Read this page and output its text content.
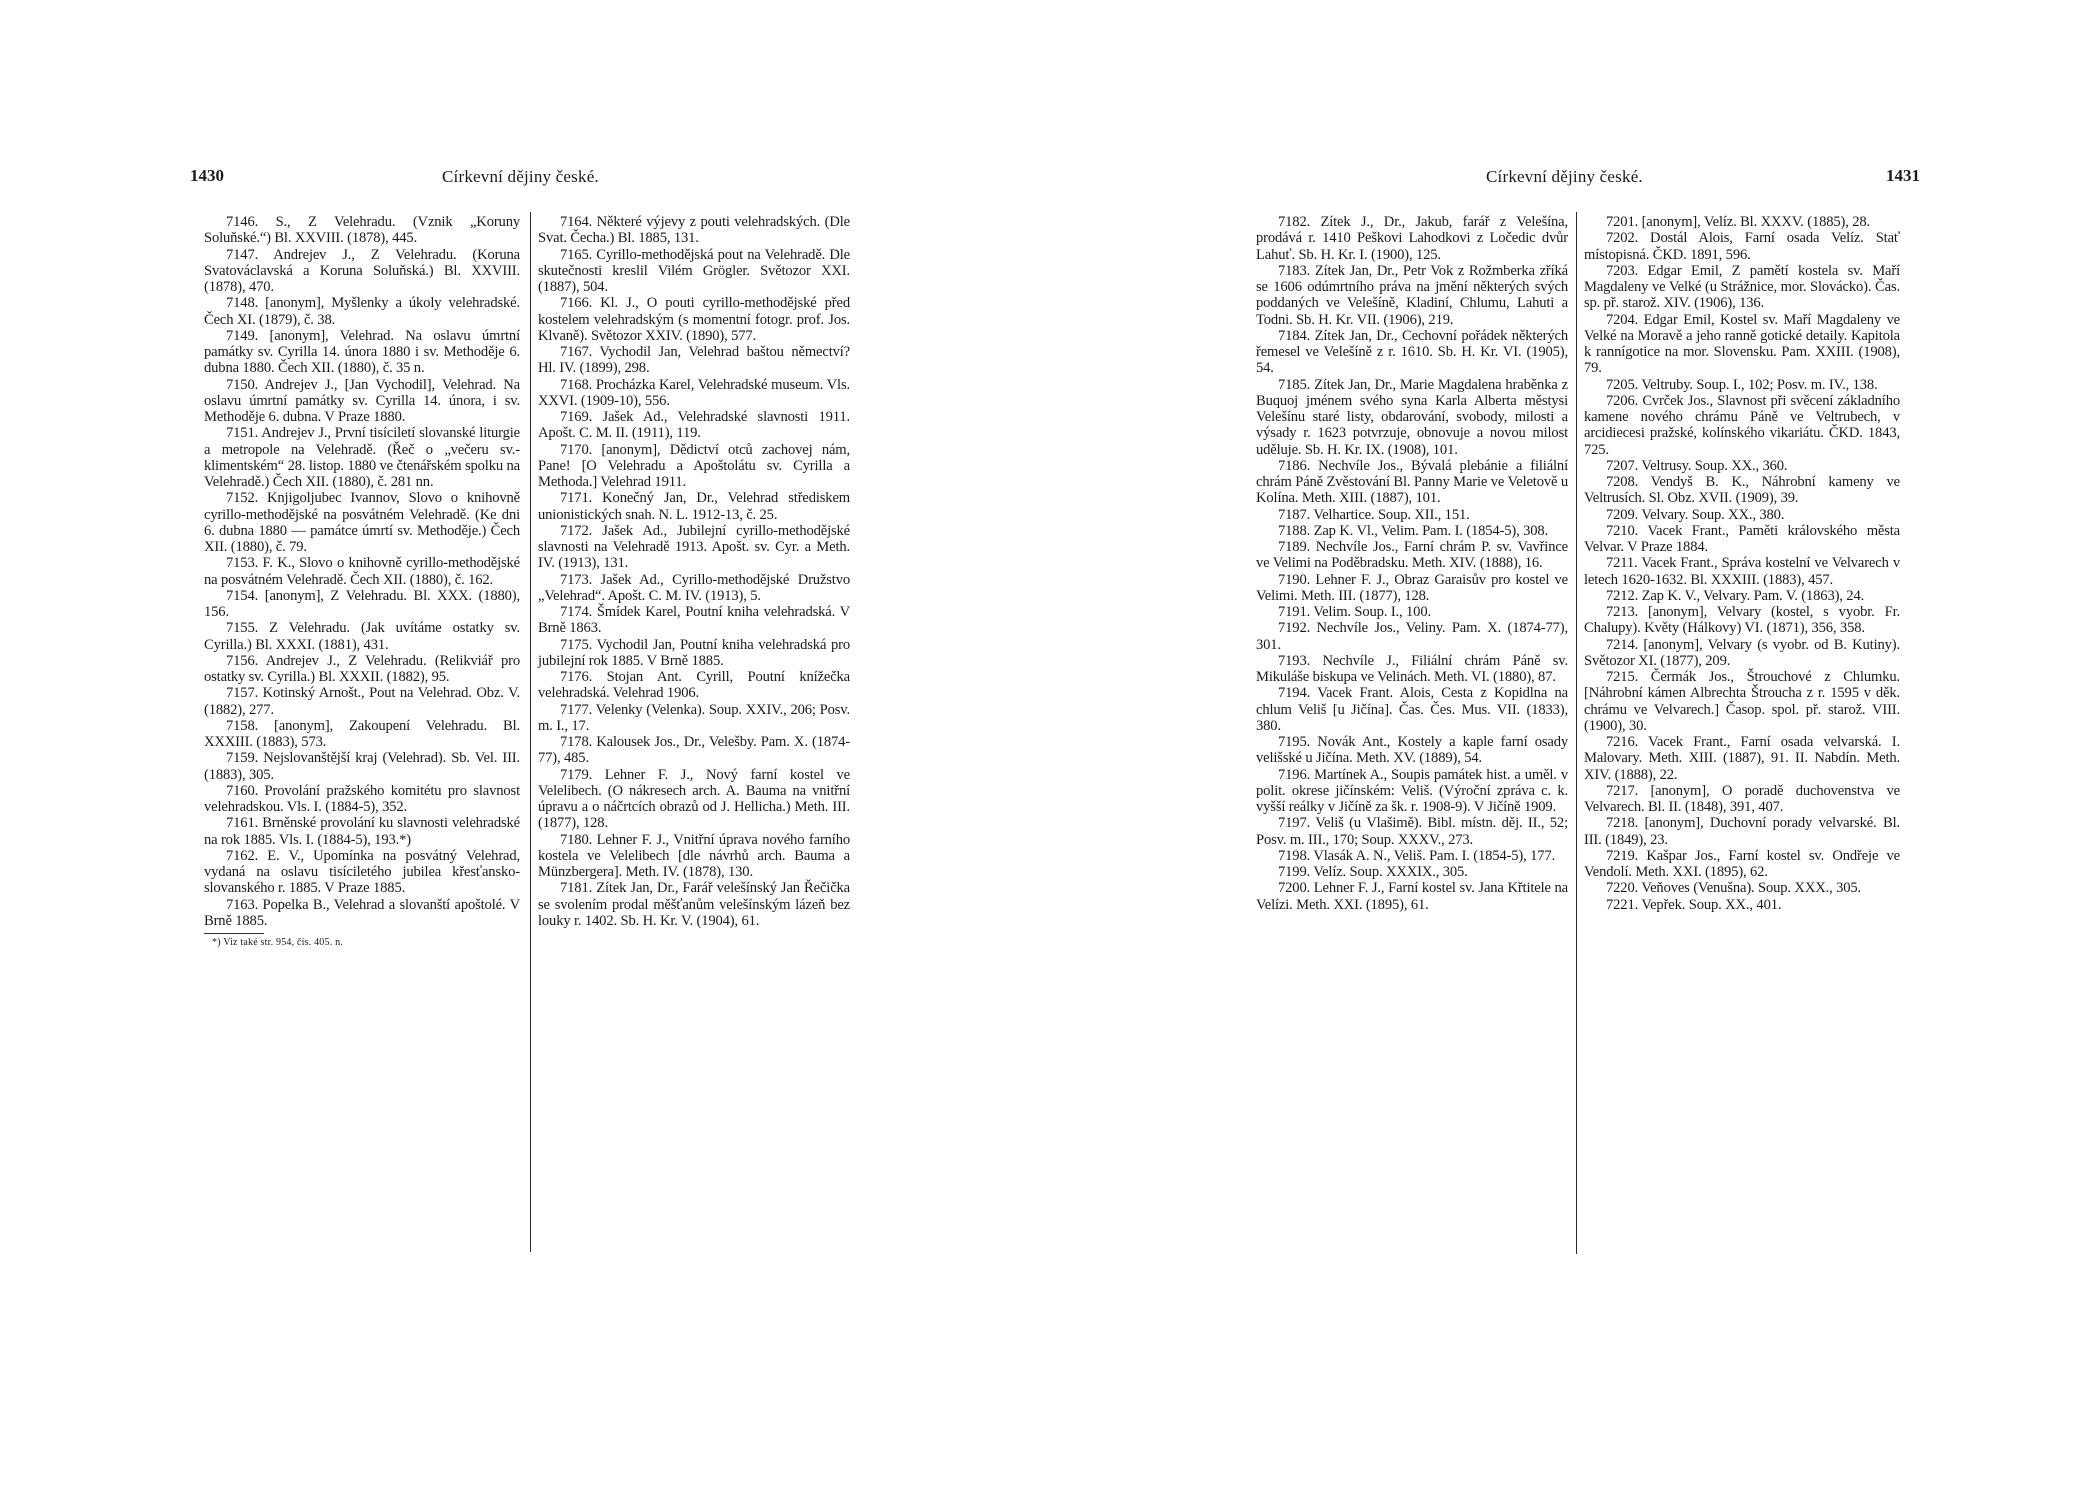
1430	Církevní dějiny české.

7146. S., Z Velehradu. (Vznik „Koruny Soluňské.“) Bl. XXVIII. (1878), 445.

7147. Andrejev J., Z Velehradu. (Koruna Svatováclavská a Koruna Soluňská.) Bl. XXVIII. (1878), 470.

7148. [anonym], Myšlenky a úkoly velehradské. Čech XI. (1879), č. 38.

7149. [anonym], Velehrad. Na oslavu úmrtní památky sv. Cyrilla 14. února 1880 i sv. Methoděje 6. dubna 1880. Čech XII. (1880), č. 35 n.

7150. Andrejev J., [Jan Vychodil], Velehrad. Na oslavu úmrtní památky sv. Cyrilla 14. února, i sv. Methoděje 6. dubna. V Praze 1880.

7151. Andrejev J., První tisíciletí slovanské liturgie a metropole na Velehradě. (Řeč o „večeru sv.-klimentském“ 28. listop. 1880 ve čtenářském spolku na Velehradě.) Čech XII. (1880), č. 281 nn.

7152. Knjigoljubec Ivannov, Slovo o knihovně cyrillo-methodějské na posvátném Velehradě. (Ke dni 6. dubna 1880 — památce úmrtí sv. Methoděje.) Čech XII. (1880), č. 79.

7153. F. K., Slovo o knihovně cyrillo-methodějské na posvátném Velehradě. Čech XII. (1880), č. 162.

7154. [anonym], Z Velehradu. Bl. XXX. (1880), 156.

7155. Z Velehradu. (Jak uvítáme ostatky sv. Cyrilla.) Bl. XXXI. (1881), 431.

7156. Andrejev J., Z Velehradu. (Relikviář pro ostatky sv. Cyrilla.) Bl. XXXII. (1882), 95.

7157. Kotinský Arnošt., Pout na Velehrad. Obz. V. (1882), 277.

7158. [anonym], Zakoupení Velehradu. Bl. XXXIII. (1883), 573.

7159. Nejslovanštější kraj (Velehrad). Sb. Vel. III. (1883), 305.

7160. Provolání pražského komitétu pro slavnost velehradskou. Vls. I. (1884-5), 352.

7161. Brněnské provolání ku slavnosti velehradské na rok 1885. Vls. I. (1884-5), 193.*)

7162. E. V., Upomínka na posvátný Velehrad, vydaná na oslavu tisíciletého jubilea křesťansko-slovanského r. 1885. V Praze 1885.

7163. Popelka B., Velehrad a slovanští apoštolé. V Brně 1885.

*) Viz také str. 954, čís. 405. n.

7164. Některé výjevy z pouti velehradských. (Dle Svat. Čecha.) Bl. 1885, 131.

7165. Cyrillo-methodějská pout na Velehradě. Dle skutečnosti kreslil Vilém Grögler. Světozor XXI. (1887), 504.

7166. Kl. J., O pouti cyrillo-methodějské před kostelem velehradským (s momentní fotogr. prof. Jos. Klvaně). Světozor XXIV. (1890), 577.

7167. Vychodil Jan, Velehrad baštou němectví? Hl. IV. (1899), 298.

7168. Procházka Karel, Velehradské museum. Vls. XXVI. (1909-10), 556.

7169. Jašek Ad., Velehradské slavnosti 1911. Apošt. C. M. II. (1911), 119.

7170. [anonym], Dědictví otců zachovej nám, Pane! [O Velehradu a Apoštolátu sv. Cyrilla a Methoda.] Velehrad 1911.

7171. Konečný Jan, Dr., Velehrad střediskem unionistických snah. N. L. 1912-13, č. 25.

7172. Jašek Ad., Jubilejní cyrillo-methodějské slavnosti na Velehradě 1913. Apošt. sv. Cyr. a Meth. IV. (1913), 131.

7173. Jašek Ad., Cyrillo-methodějské Družstvo „Velehrad“. Apošt. C. M. IV. (1913), 5.

7174. Šmídek Karel, Poutní kniha velehradská. V Brně 1863.

7175. Vychodil Jan, Poutní kniha velehradská pro jubilejní rok 1885. V Brně 1885.

7176. Stojan Ant. Cyrill, Poutní knížečka velehradská. Velehrad 1906.

7177. Velenky (Velenka). Soup. XXIV., 206; Posv. m. I., 17.

7178. Kalousek Jos., Dr., Velešby. Pam. X. (1874-77), 485.

7179. Lehner F. J., Nový farní kostel ve Velelibech. (O nákresech arch. A. Bauma na vnitřní úpravu a o náčrtcích obrazů od J. Hellicha.) Meth. III. (1877), 128.

7180. Lehner F. J., Vnitřní úprava nového farního kostela ve Velelibech [dle návrhů arch. Bauma a Münzbergera]. Meth. IV. (1878), 130.

7181. Zítek Jan, Dr., Farář velešínský Jan Řečička se svolením prodal měšťanům velešínským lázeň bez louky r. 1402. Sb. H. Kr. V. (1904), 61.

Církevní dějiny české.	1431

7182. Zítek J., Dr., Jakub, farář z Velešína, prodává r. 1410 Peškovi Lahodkovi z Ločedic dvůr Lahuť. Sb. H. Kr. I. (1900), 125.

7183. Zítek Jan, Dr., Petr Vok z Rožmberka zříká se 1606 odúmrtního práva na jmění některých svých poddaných ve Velešíně, Kladiní, Chlumu, Lahuti a Todni. Sb. H. Kr. VII. (1906), 219.

7184. Zítek Jan, Dr., Cechovní pořádek některých řemesel ve Velešíně z r. 1610. Sb. H. Kr. VI. (1905), 54.

7185. Zítek Jan, Dr., Marie Magdalena hraběnka z Buquoj jménem svého syna Karla Alberta městysi Velešínu staré listy, obdarování, svobody, milosti a výsady r. 1623 potvrzuje, obnovuje a novou milost uděluje. Sb. H. Kr. IX. (1908), 101.

7186. Nechvíle Jos., Bývalá plebánie a filiální chrám Páně Zvěstování Bl. Panny Marie ve Veletově u Kolína. Meth. XIII. (1887), 101.

7187. Velhartice. Soup. XII., 151.

7188. Zap K. Vl., Velim. Pam. I. (1854-5), 308.

7189. Nechvíle Jos., Farní chrám P. sv. Vavřince ve Velimi na Poděbradsku. Meth. XIV. (1888), 16.

7190. Lehner F. J., Obraz Garaisův pro kostel ve Velimi. Meth. III. (1877), 128.

7191. Velim. Soup. I., 100.

7192. Nechvíle Jos., Veliny. Pam. X. (1874-77), 301.

7193. Nechvíle J., Filiální chrám Páně sv. Mikuláše biskupa ve Velinách. Meth. VI. (1880), 87.

7194. Vacek Frant. Alois, Cesta z Kopidlna na chlum Veliš [u Jičína]. Čas. Čes. Mus. VII. (1833), 380.

7195. Novák Ant., Kostely a kaple farní osady velišské u Jičína. Meth. XV. (1889), 54.

7196. Martínek A., Soupis památek hist. a uměl. v polit. okrese jičínském: Veliš. (Výroční zpráva c. k. vyšší reálky v Jičíně za šk. r. 1908-9). V Jičíně 1909.

7197. Veliš (u Vlašimě). Bibl. místn. děj. II., 52; Posv. m. III., 170; Soup. XXXV., 273.

7198. Vlasák A. N., Veliš. Pam. I. (1854-5), 177.

7199. Velíz. Soup. XXXIX., 305.

7200. Lehner F. J., Farní kostel sv. Jana Křtitele na Velízi. Meth. XXI. (1895), 61.

7201. [anonym], Velíz. Bl. XXXV. (1885), 28.

7202. Dostál Alois, Farní osada Velíz. Stať místopisná. ČKD. 1891, 596.

7203. Edgar Emil, Z pamětí kostela sv. Maří Magdaleny ve Velké (u Strážnice, mor. Slovácko). Čas. sp. př. starož. XIV. (1906), 136.

7204. Edgar Emil, Kostel sv. Maří Magdaleny ve Velké na Moravě a jeho ranně gotické detaily. Kapitola k rannígotice na mor. Slovensku. Pam. XXIII. (1908), 79.

7205. Veltruby. Soup. I., 102; Posv. m. IV., 138.

7206. Cvrček Jos., Slavnost při svěcení základního kamene nového chrámu Páně ve Veltrubech, v arcidiecesi pražské, kolínského vikariátu. ČKD. 1843, 725.

7207. Veltrusy. Soup. XX., 360.

7208. Vendyš B. K., Náhrobní kameny ve Veltrusích. Sl. Obz. XVII. (1909), 39.

7209. Velvary. Soup. XX., 380.

7210. Vacek Frant., Paměti královského města Velvar. V Praze 1884.

7211. Vacek Frant., Správa kostelní ve Velvarech v letech 1620-1632. Bl. XXXIII. (1883), 457.

7212. Zap K. V., Velvary. Pam. V. (1863), 24.

7213. [anonym], Velvary (kostel, s vyobr. Fr. Chalupy). Květy (Hálkovy) VI. (1871), 356, 358.

7214. [anonym], Velvary (s vyobr. od B. Kutiny). Světozor XI. (1877), 209.

7215. Čermák Jos., Štrouchové z Chlumku. [Náhrobní kámen Albrechta Štroucha z r. 1595 v děk. chrámu ve Velvarech.] Časop. spol. př. starož. VIII. (1900), 30.

7216. Vacek Frant., Farní osada velvarská. I. Malovary. Meth. XIII. (1887), 91. II. Nabdín. Meth. XIV. (1888), 22.

7217. [anonym], O poradě duchovenstva ve Velvarech. Bl. II. (1848), 391, 407.

7218. [anonym], Duchovní porady velvarské. Bl. III. (1849), 23.

7219. Kašpar Jos., Farní kostel sv. Ondřeje ve Vendolí. Meth. XXI. (1895), 62.

7220. Veňoves (Venušna). Soup. XXX., 305.

7221. Vepřek. Soup. XX., 401.
